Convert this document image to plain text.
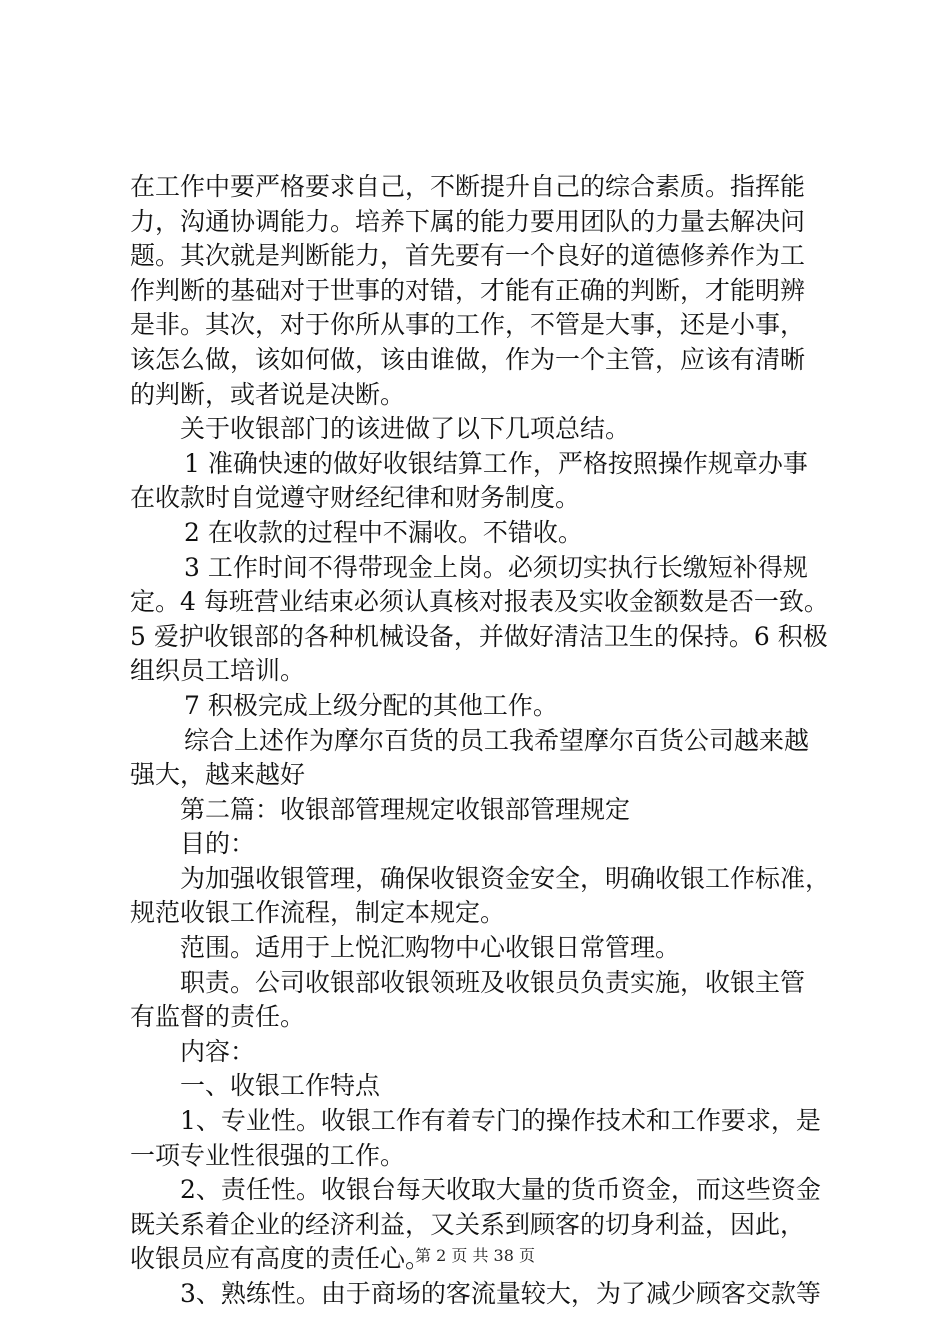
在工作中要严格要求自己，不断提升自己的综合素质。指挥能
力，沟通协调能力。培养下属的能力要用团队的力量去解决问
题。其次就是判断能力，首先要有一个良好的道德修养作为工
作判断的基础对于世事的对错，才能有正确的判断，才能明辨
是非。其次，对于你所从事的工作，不管是大事，还是小事，
该怎么做，该如何做，该由谁做，作为一个主管，应该有清晰
的判断，或者说是决断。
关于收银部门的该进做了以下几项总结。
1 准确快速的做好收银结算工作，严格按照操作规章办事
在收款时自觉遵守财经纪律和财务制度。
2 在收款的过程中不漏收。不错收。
3 工作时间不得带现金上岗。必须切实执行长缴短补得规
定。4 每班营业结束必须认真核对报表及实收金额数是否一致。
5 爱护收银部的各种机械设备，并做好清洁卫生的保持。6 积极
组织员工培训。
7 积极完成上级分配的其他工作。
综合上述作为摩尔百货的员工我希望摩尔百货公司越来越
强大，越来越好
第二篇：收银部管理规定收银部管理规定
目的：
为加强收银管理，确保收银资金安全，明确收银工作标准，
规范收银工作流程，制定本规定。
范围。适用于上悦汇购物中心收银日常管理。
职责。公司收银部收银领班及收银员负责实施，收银主管
有监督的责任。
内容：
一、收银工作特点
1、专业性。收银工作有着专门的操作技术和工作要求，是
一项专业性很强的工作。
2、责任性。收银台每天收取大量的货币资金，而这些资金
既关系着企业的经济利益，又关系到顾客的切身利益，因此，
收银员应有高度的责任心。
3、熟练性。由于商场的客流量较大，为了减少顾客交款等
第 2 页 共 38 页
